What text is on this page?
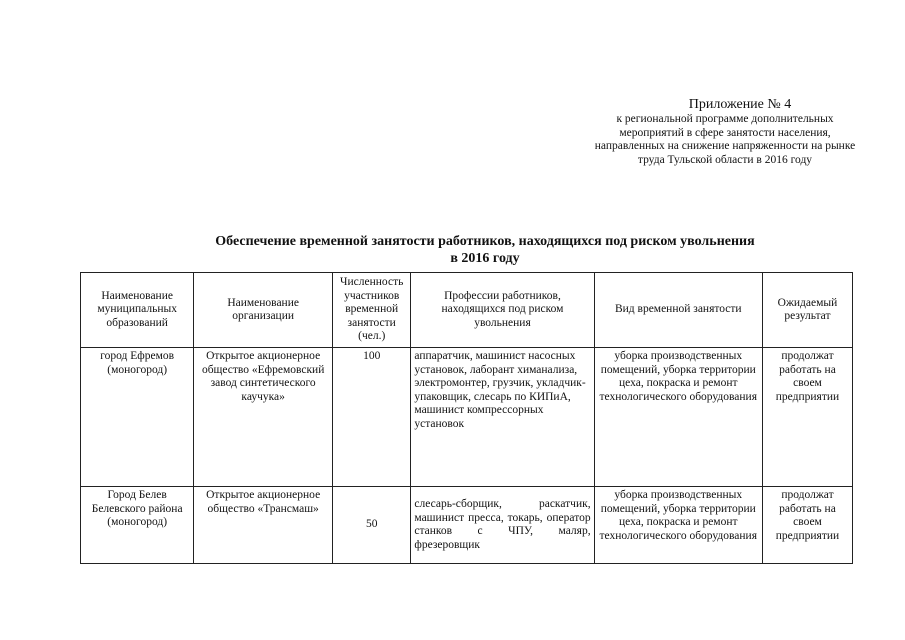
Приложение № 4
к региональной программе дополнительных
мероприятий в сфере занятости населения,
направленных на снижение напряженности на рынке
труда Тульской области в 2016 году
Обеспечение временной занятости работников, находящихся под риском увольнения
в 2016 году
Наименование муниципальных образований	Наименование организации	Численность участников временной занятости (чел.)	Профессии работников, находящихся под риском увольнения	Вид временной занятости	Ожидаемый результат
город Ефремов (моногород)	Открытое акционерное общество «Ефремовский завод синтетического каучука»	100	аппаратчик, машинист насосных установок, лаборант химанализа, электромонтер, грузчик, укладчик-упаковщик, слесарь по КИПиА, машинист компрессорных установок	уборка производственных помещений, уборка территории цеха, покраска и ремонт технологического оборудования	продолжат работать на своем предприятии
Город Белев Белевского района (моногород)	Открытое акционерное общество «Трансмаш»	50	слесарь-сборщик, раскатчик, машинист пресса, токарь, оператор станков с ЧПУ, маляр, фрезеровщик	уборка производственных помещений, уборка территории цеха, покраска и ремонт технологического оборудования	продолжат работать на своем предприятии
